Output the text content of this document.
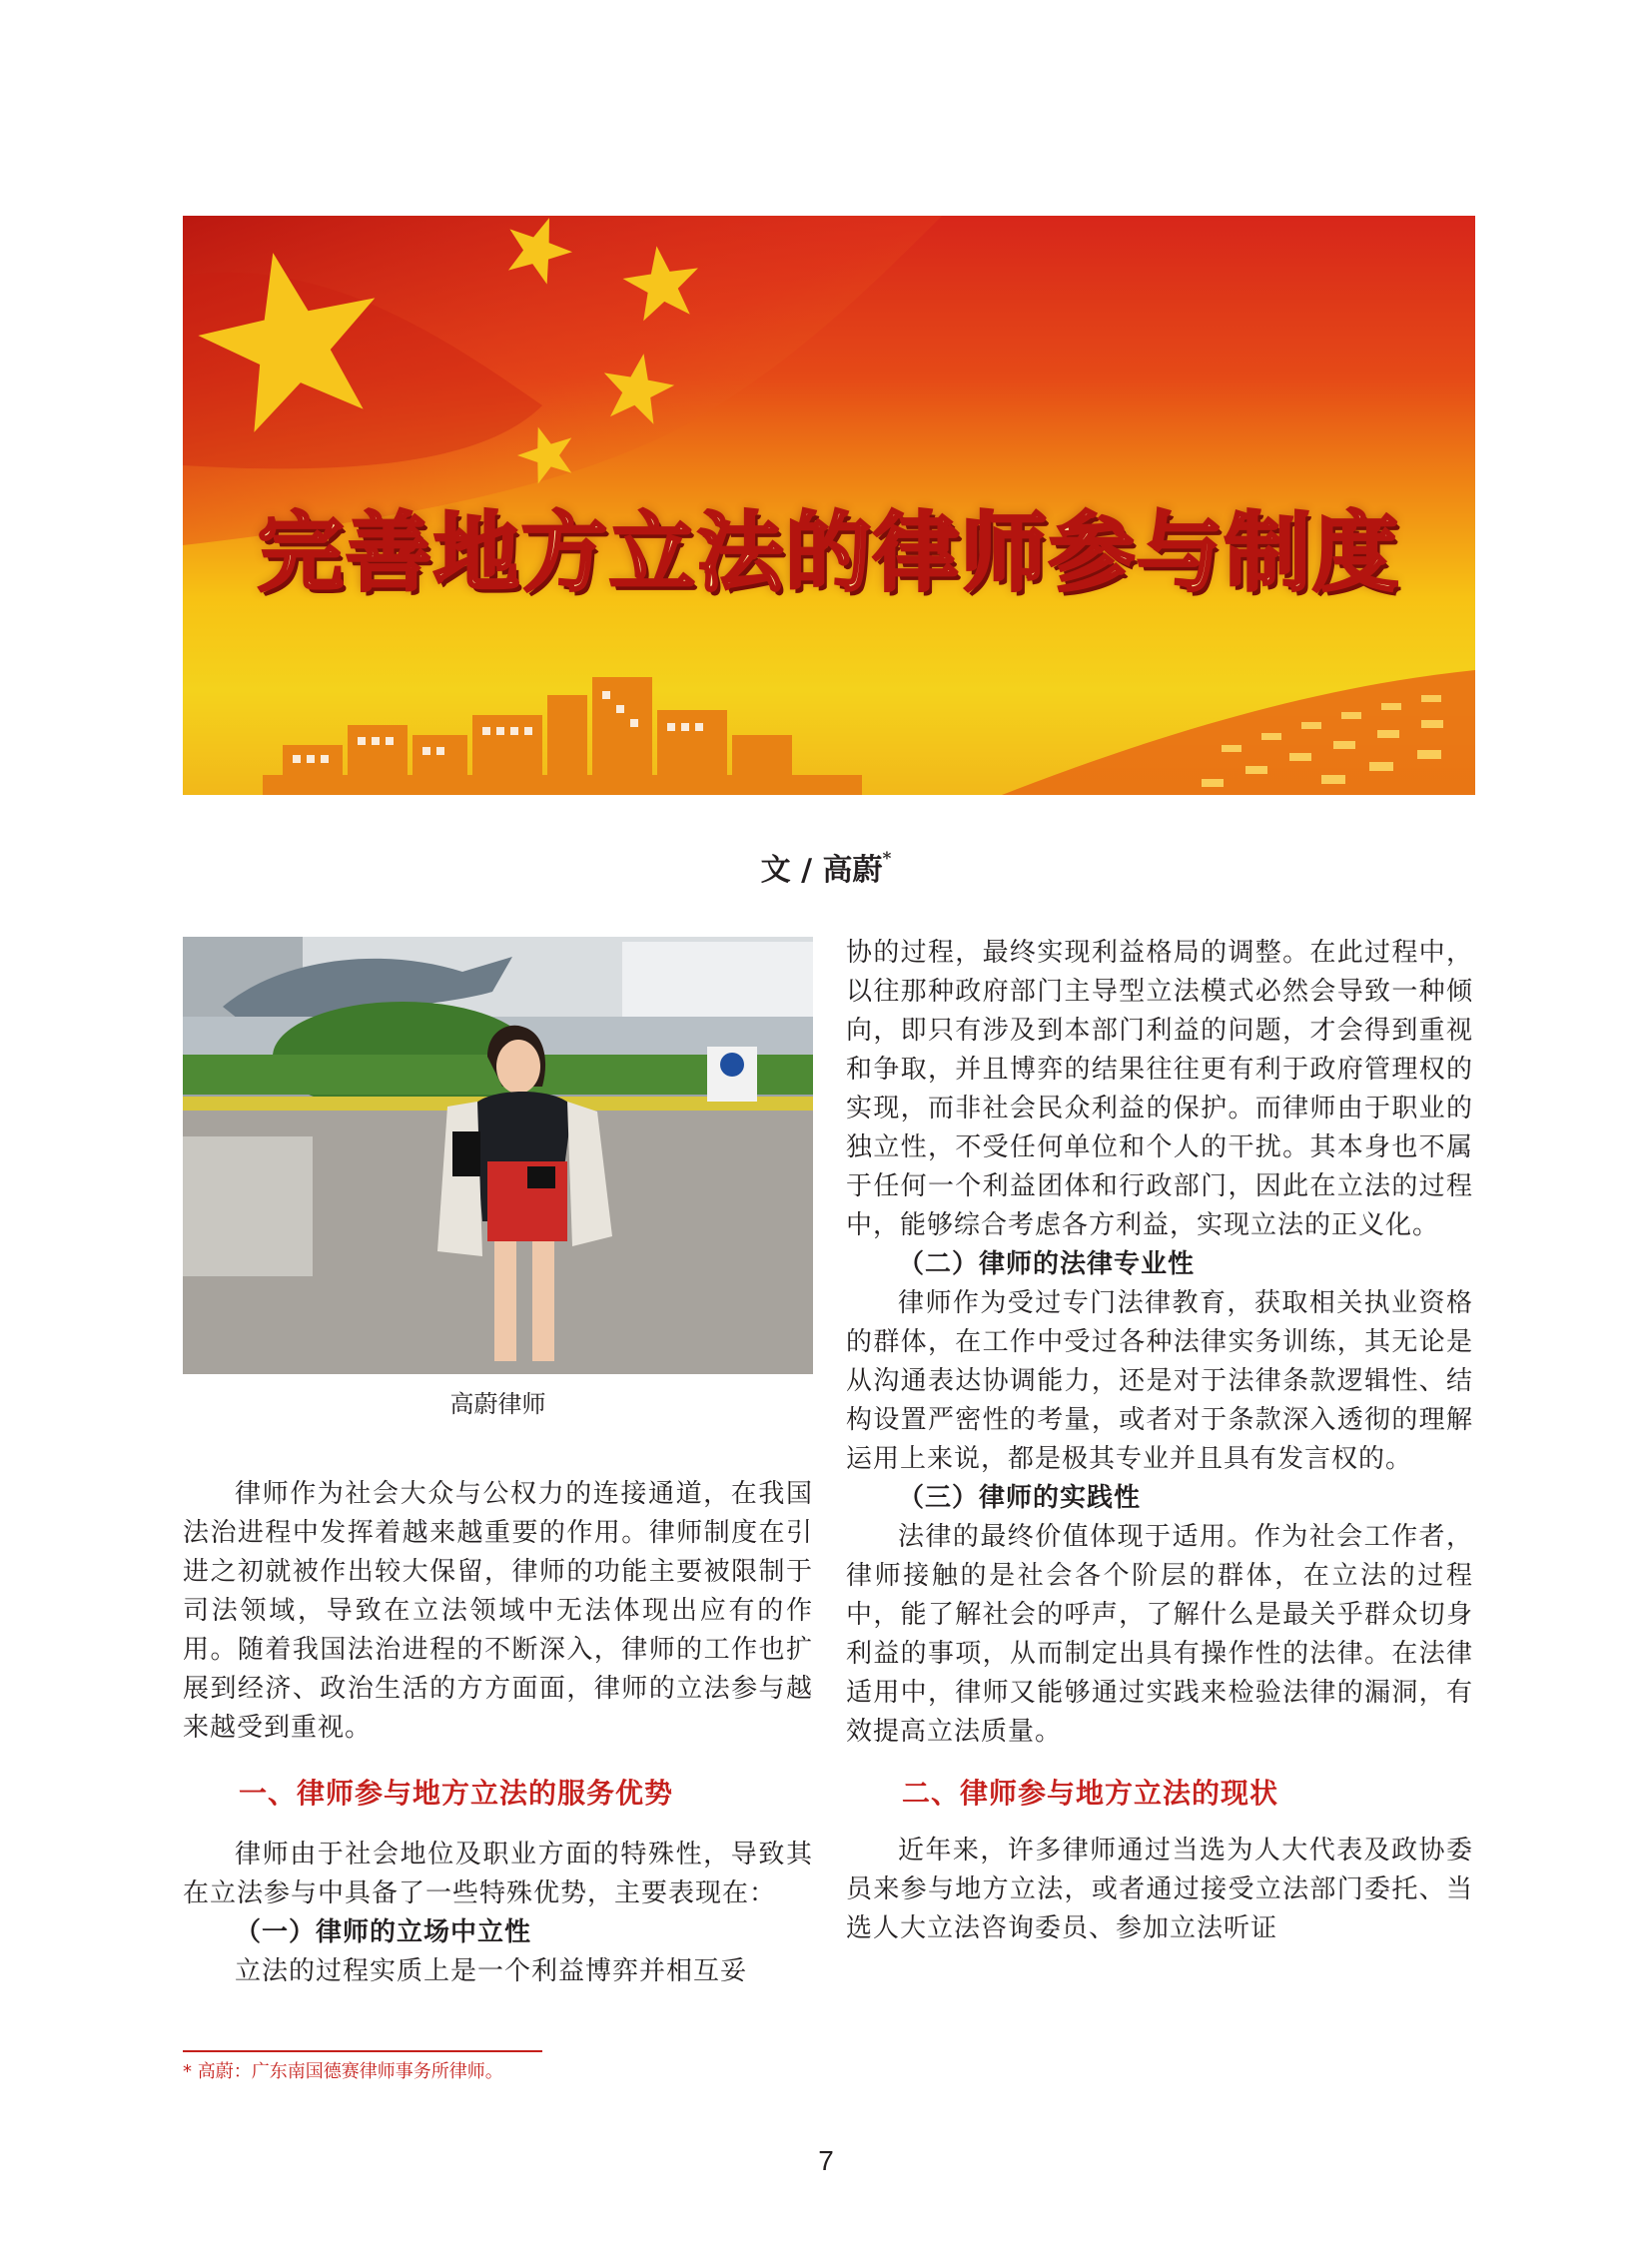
完善地方立法的律师参与制度
文 / 高蔚*
高蔚律师

律师作为社会大众与公权力的连接通道，在我国法治进程中发挥着越来越重要的作用。律师制度在引进之初就被作出较大保留，律师的功能主要被限制于司法领域，导致在立法领域中无法体现出应有的作用。随着我国法治进程的不断深入，律师的工作也扩展到经济、政治生活的方方面面，律师的立法参与越来越受到重视。

一、律师参与地方立法的服务优势

律师由于社会地位及职业方面的特殊性，导致其在立法参与中具备了一些特殊优势，主要表现在：

（一）律师的立场中立性

立法的过程实质上是一个利益博弈并相互妥

协的过程，最终实现利益格局的调整。在此过程中，以往那种政府部门主导型立法模式必然会导致一种倾向，即只有涉及到本部门利益的问题，才会得到重视和争取，并且博弈的结果往往更有利于政府管理权的实现，而非社会民众利益的保护。而律师由于职业的独立性，不受任何单位和个人的干扰。其本身也不属于任何一个利益团体和行政部门，因此在立法的过程中，能够综合考虑各方利益，实现立法的正义化。

（二）律师的法律专业性

律师作为受过专门法律教育，获取相关执业资格的群体，在工作中受过各种法律实务训练，其无论是从沟通表达协调能力，还是对于法律条款逻辑性、结构设置严密性的考量，或者对于条款深入透彻的理解运用上来说，都是极其专业并且具有发言权的。

（三）律师的实践性

法律的最终价值体现于适用。作为社会工作者，律师接触的是社会各个阶层的群体，在立法的过程中，能了解社会的呼声，了解什么是最关乎群众切身利益的事项，从而制定出具有操作性的法律。在法律适用中，律师又能够通过实践来检验法律的漏洞，有效提高立法质量。

二、律师参与地方立法的现状

近年来，许多律师通过当选为人大代表及政协委员来参与地方立法，或者通过接受立法部门委托、当选人大立法咨询委员、参加立法听证

* 高蔚：广东南国德赛律师事务所律师。
7
